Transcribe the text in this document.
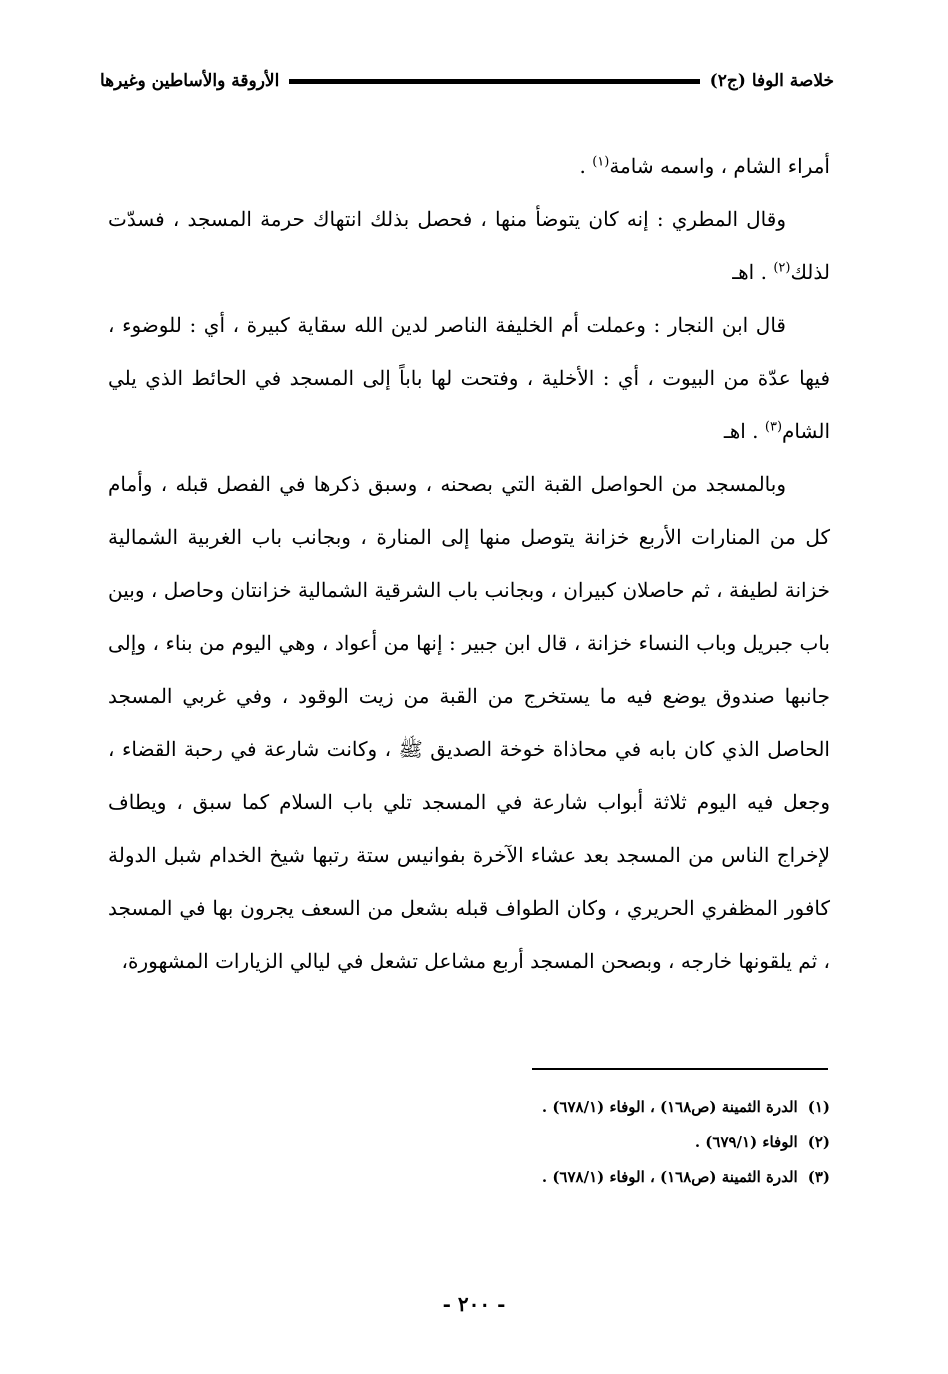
خلاصة الوفا
(ج٢)
الأروقة والأساطين وغيرها

أمراء الشام ، واسمه شامة$^{(١)}$ .

وقال المطري : إنه كان يتوضأ منها ، فحصل بذلك انتهاك حرمة المسجد ، فسدّت لذلك$^{(٢)}$ . اهـ

قال ابن النجار : وعملت أم الخليفة الناصر لدين الله سقاية كبيرة ، أي : للوضوء ، فيها عدّة من البيوت ، أي : الأخلية ، وفتحت لها باباً إلى المسجد في الحائط الذي يلي الشام$^{(٣)}$ . اهـ

وبالمسجد من الحواصل القبة التي بصحنه ، وسبق ذكرها في الفصل قبله ، وأمام كل من المنارات الأربع خزانة يتوصل منها إلى المنارة ، وبجانب باب الغربية الشمالية خزانة لطيفة ، ثم حاصلان كبيران ، وبجانب باب الشرقية الشمالية خزانتان وحاصل ، وبين باب جبريل وباب النساء خزانة ، قال ابن جبير : إنها من أعواد ، وهي اليوم من بناء ، وإلى جانبها صندوق يوضع فيه ما يستخرج من القبة من زيت الوقود ، وفي غربي المسجد الحاصل الذي كان بابه في محاذاة خوخة الصديق ﷺ ، وكانت شارعة في رحبة القضاء ، وجعل فيه اليوم ثلاثة أبواب شارعة في المسجد تلي باب السلام كما سبق ، ويطاف لإخراج الناس من المسجد بعد عشاء الآخرة بفوانيس ستة رتبها شيخ الخدام شبل الدولة كافور المظفري الحريري ، وكان الطواف قبله بشعل من السعف يجرون بها في المسجد ، ثم يلقونها خارجه ، وبصحن المسجد أربع مشاعل تشعل في ليالي الزيارات المشهورة،

(١)
الدرة الثمينة (ص١٦٨) ، الوفاء (٦٧٨/١) .
(٢)
الوفاء (٦٧٩/١) .
(٣)
الدرة الثمينة (ص١٦٨) ، الوفاء (٦٧٨/١) .
- ٢٠٠ -
